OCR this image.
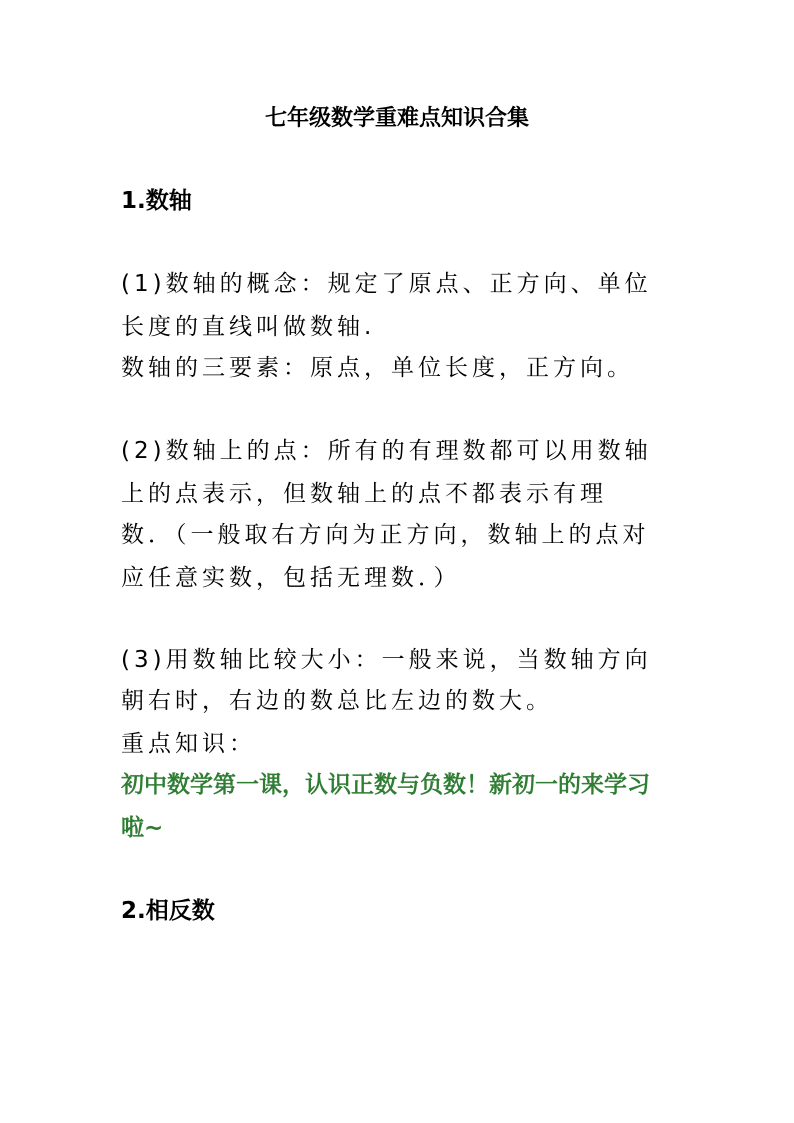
七年级数学重难点知识合集
1.数轴
(1)数轴的概念：规定了原点、正方向、单位
长度的直线叫做数轴.
数轴的三要素：原点，单位长度，正方向。
(2)数轴上的点：所有的有理数都可以用数轴
上的点表示，但数轴上的点不都表示有理
数．（一般取右方向为正方向，数轴上的点对
应任意实数，包括无理数．）
(3)用数轴比较大小：一般来说，当数轴方向
朝右时，右边的数总比左边的数大。
重点知识：
初中数学第一课，认识正数与负数！新初一的来学习
啦~
2.相反数
